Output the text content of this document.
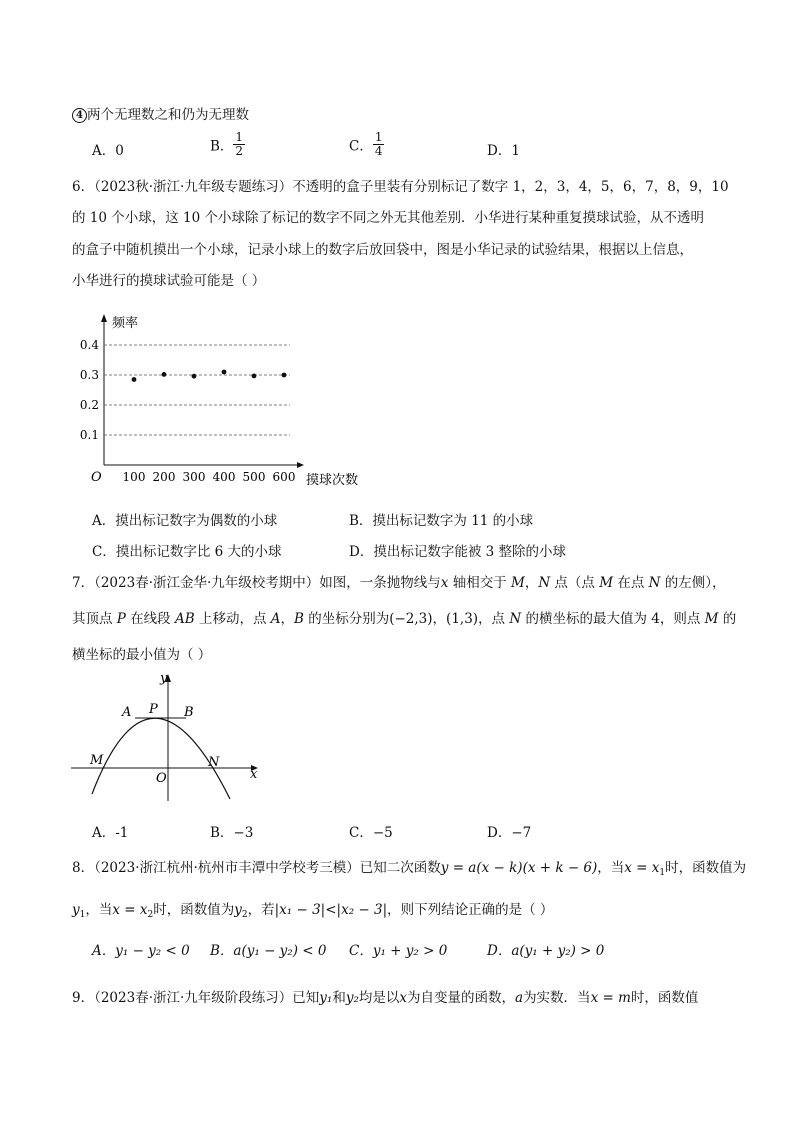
4 两个无理数之和仍为无理数
A．0	B． $\frac{1}{2}$	C． $\frac{1}{4}$	D．1
6．（2023秋·浙江·九年级专题练习）不透明的盒子里装有分别标记了数字 1，2，3，4，5，6，7，8，9，10
的 10 个小球，这 10 个小球除了标记的数字不同之外无其他差别．小华进行某种重复摸球试验，从不透明
的盒子中随机摸出一个小球，记录小球上的数字后放回袋中，图是小华记录的试验结果，根据以上信息，
小华进行的摸球试验可能是（ ）
0.1
0.2
0.3
0.4
100 200 300 400 500 600
O
频率
摸球次数
A．摸出标记数字为偶数的小球	B．摸出标记数字为 11 的小球
C．摸出标记数字比 6 大的小球	D．摸出标记数字能被 3 整除的小球
7．（2023春·浙江金华·九年级校考期中）如图，一条抛物线与x 轴相交于 M，N 点（点 M 在点 N 的左侧），
其顶点 P 在线段 AB 上移动，点 A，B 的坐标分别为(−2,3)，(1,3)，点 N 的横坐标的最大值为 4，则点 M 的
横坐标的最小值为（ ）
y
A P B
M	N
O	x
A．-1	B．−3	C．−5	D．−7
8．（2023·浙江杭州·杭州市丰潭中学校考三模）已知二次函数y = a(x − k)(x + k − 6)，当$x = x_1$时，函数值为
$y_1$，当$x = x_2$时，函数值为$y_2$，若|x₁ − 3|<|x₂ − 3|，则下列结论正确的是（ ）
A．y₁ − y₂ < 0 B．a(y₁ − y₂) < 0 C．y₁ + y₂ > 0	D．a(y₁ + y₂) > 0
9．（2023春·浙江·九年级阶段练习）已知y₁和y₂均是以x为自变量的函数，a为实数．当x = m时，函数值
